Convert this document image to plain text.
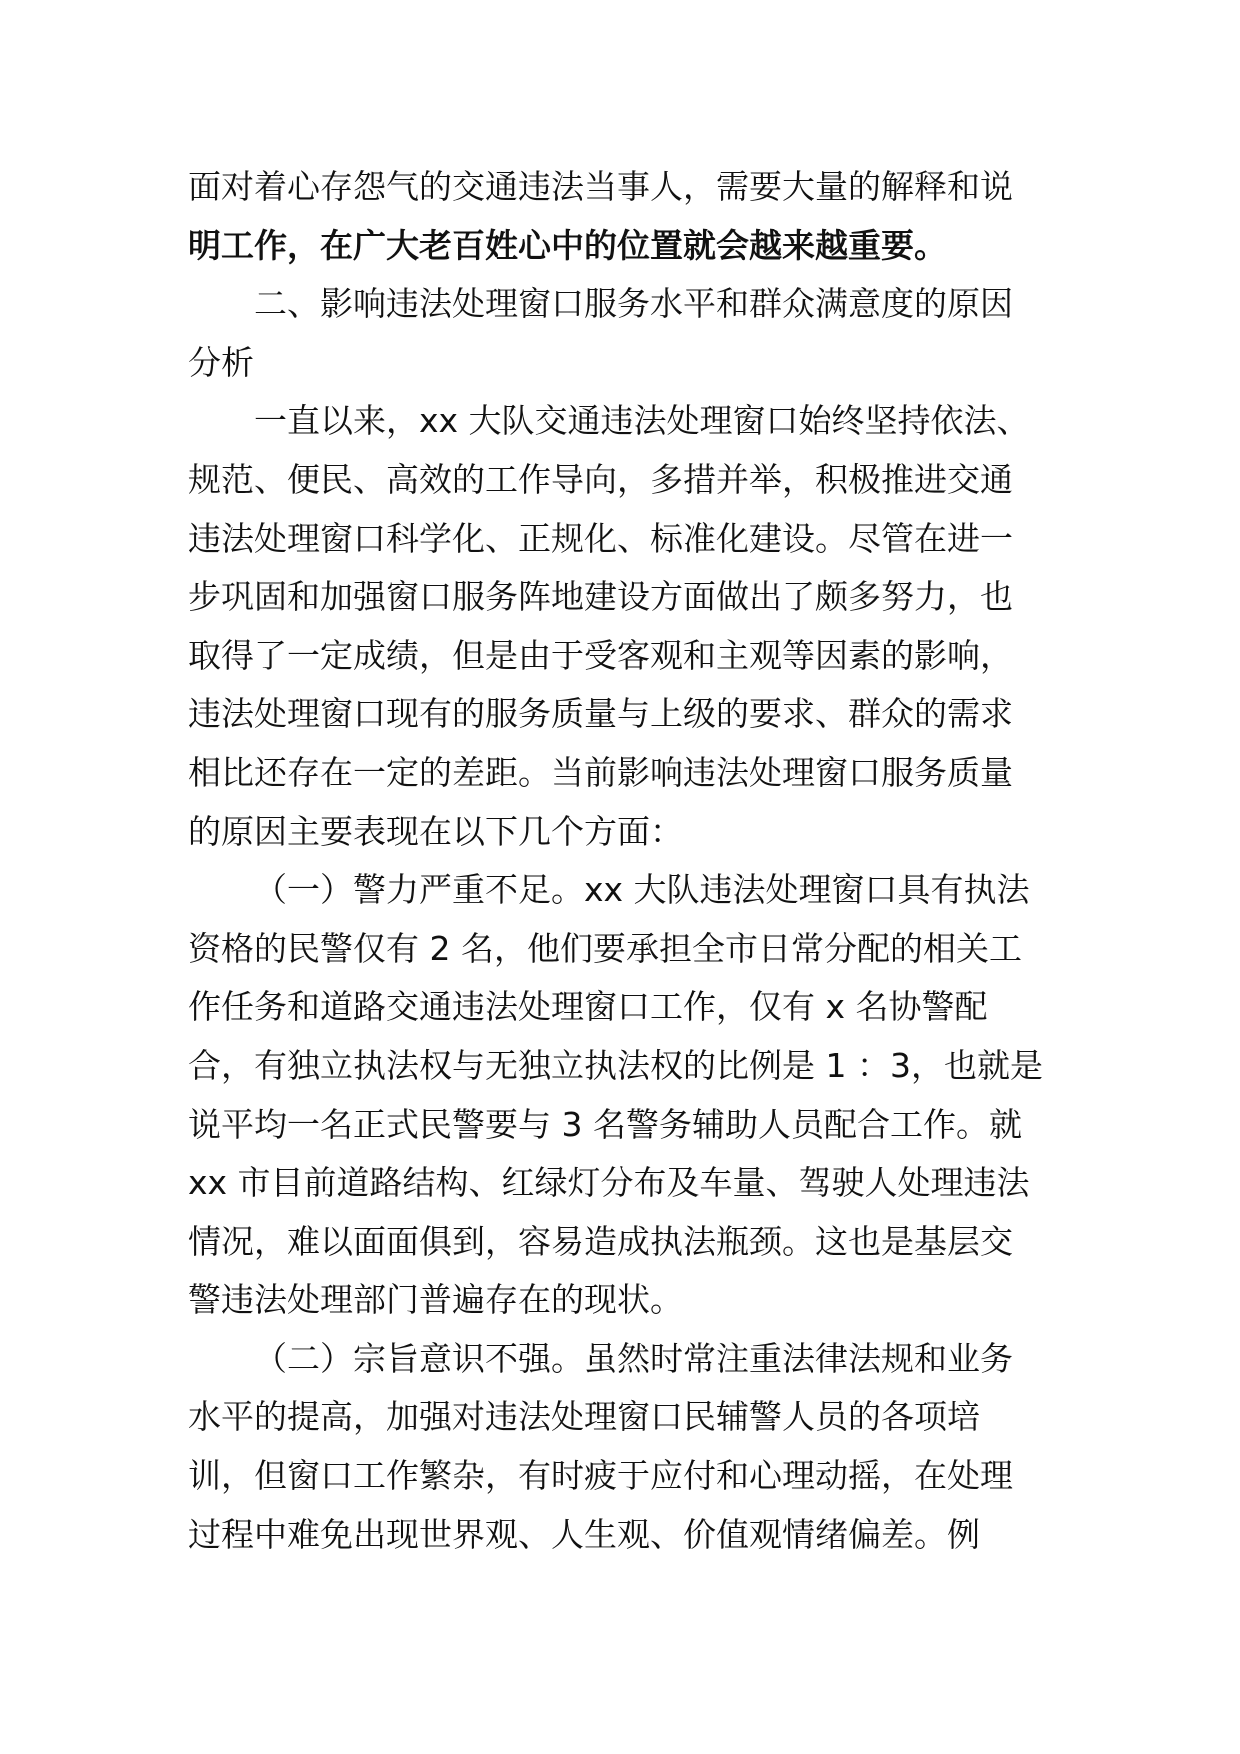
面对着心存怨气的交通违法当事人，需要大量的解释和说
明工作，在广大老百姓心中的位置就会越来越重要。
二、影响违法处理窗口服务水平和群众满意度的原因
分析
一直以来，xx 大队交通违法处理窗口始终坚持依法、
规范、便民、高效的工作导向，多措并举，积极推进交通
违法处理窗口科学化、正规化、标准化建设。尽管在进一
步巩固和加强窗口服务阵地建设方面做出了颇多努力，也
取得了一定成绩，但是由于受客观和主观等因素的影响，
违法处理窗口现有的服务质量与上级的要求、群众的需求
相比还存在一定的差距。当前影响违法处理窗口服务质量
的原因主要表现在以下几个方面：
（一）警力严重不足。xx 大队违法处理窗口具有执法
资格的民警仅有 2 名，他们要承担全市日常分配的相关工
作任务和道路交通违法处理窗口工作，仅有 x 名协警配
合，有独立执法权与无独立执法权的比例是 1 ：3，也就是
说平均一名正式民警要与 3 名警务辅助人员配合工作。就
xx 市目前道路结构、红绿灯分布及车量、驾驶人处理违法
情况，难以面面俱到，容易造成执法瓶颈。这也是基层交
警违法处理部门普遍存在的现状。
（二）宗旨意识不强。虽然时常注重法律法规和业务
水平的提高，加强对违法处理窗口民辅警人员的各项培
训，但窗口工作繁杂，有时疲于应付和心理动摇，在处理
过程中难免出现世界观、人生观、价值观情绪偏差。例
